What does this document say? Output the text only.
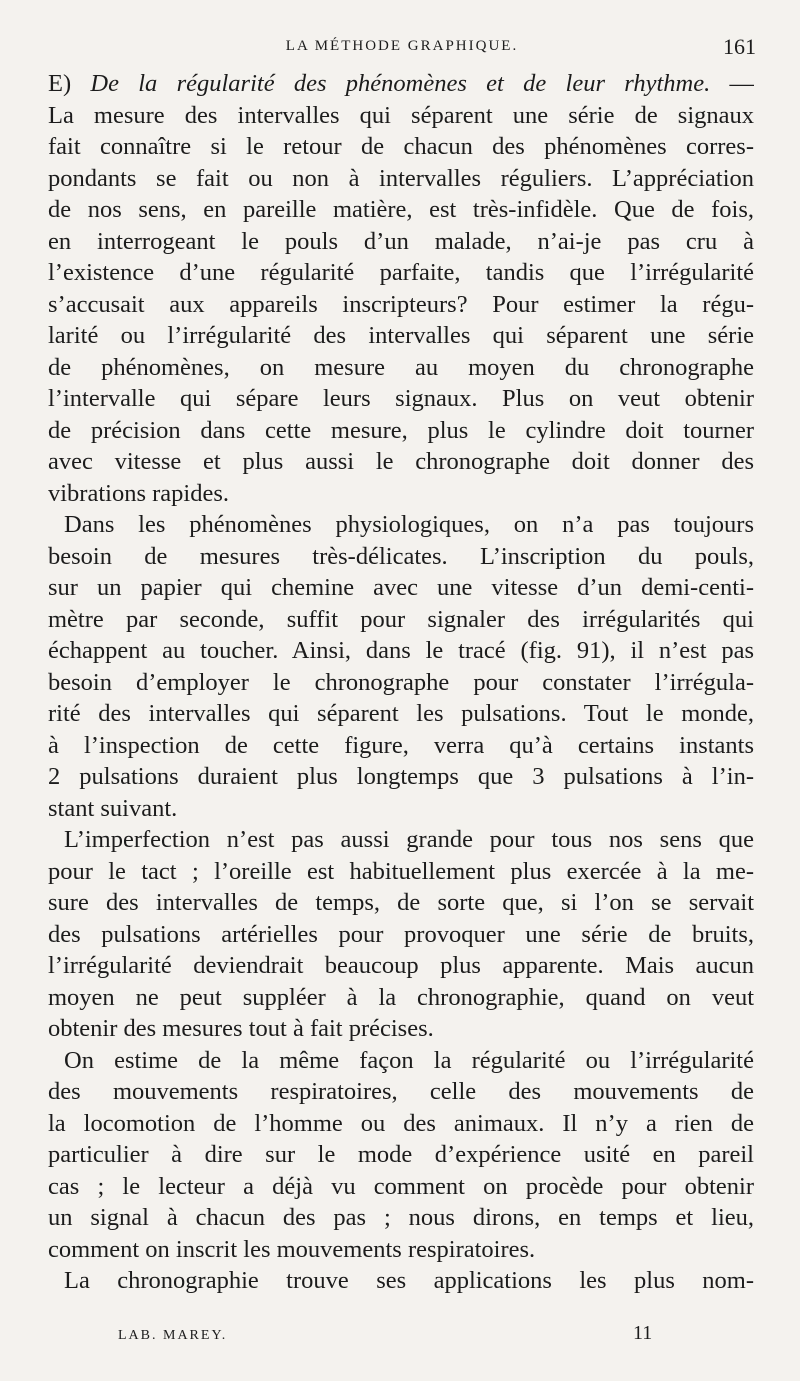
LA MÉTHODE GRAPHIQUE.	161
E) De la régularité des phénomènes et de leur rhythme. —
La mesure des intervalles qui séparent une série de signaux
fait connaître si le retour de chacun des phénomènes corres-
pondants se fait ou non à intervalles réguliers. L’appréciation
de nos sens, en pareille matière, est très-infidèle. Que de fois,
en interrogeant le pouls d’un malade, n’ai-je pas cru à
l’existence d’une régularité parfaite, tandis que l’irrégularité
s’accusait aux appareils inscripteurs? Pour estimer la régu-
larité ou l’irrégularité des intervalles qui séparent une série
de phénomènes, on mesure au moyen du chronographe
l’intervalle qui sépare leurs signaux. Plus on veut obtenir
de précision dans cette mesure, plus le cylindre doit tourner
avec vitesse et plus aussi le chronographe doit donner des
vibrations rapides.
Dans les phénomènes physiologiques, on n’a pas toujours
besoin de mesures très-délicates. L’inscription du pouls,
sur un papier qui chemine avec une vitesse d’un demi-centi-
mètre par seconde, suffit pour signaler des irrégularités qui
échappent au toucher. Ainsi, dans le tracé (fig. 91), il n’est pas
besoin d’employer le chronographe pour constater l’irrégula-
rité des intervalles qui séparent les pulsations. Tout le monde,
à l’inspection de cette figure, verra qu’à certains instants
2 pulsations duraient plus longtemps que 3 pulsations à l’in-
stant suivant.
L’imperfection n’est pas aussi grande pour tous nos sens que
pour le tact ; l’oreille est habituellement plus exercée à la me-
sure des intervalles de temps, de sorte que, si l’on se servait
des pulsations artérielles pour provoquer une série de bruits,
l’irrégularité deviendrait beaucoup plus apparente. Mais aucun
moyen ne peut suppléer à la chronographie, quand on veut
obtenir des mesures tout à fait précises.
On estime de la même façon la régularité ou l’irrégularité
des mouvements respiratoires, celle des mouvements de
la locomotion de l’homme ou des animaux. Il n’y a rien de
particulier à dire sur le mode d’expérience usité en pareil
cas ; le lecteur a déjà vu comment on procède pour obtenir
un signal à chacun des pas ; nous dirons, en temps et lieu,
comment on inscrit les mouvements respiratoires.
La chronographie trouve ses applications les plus nom-
LAB. MAREY.	11
